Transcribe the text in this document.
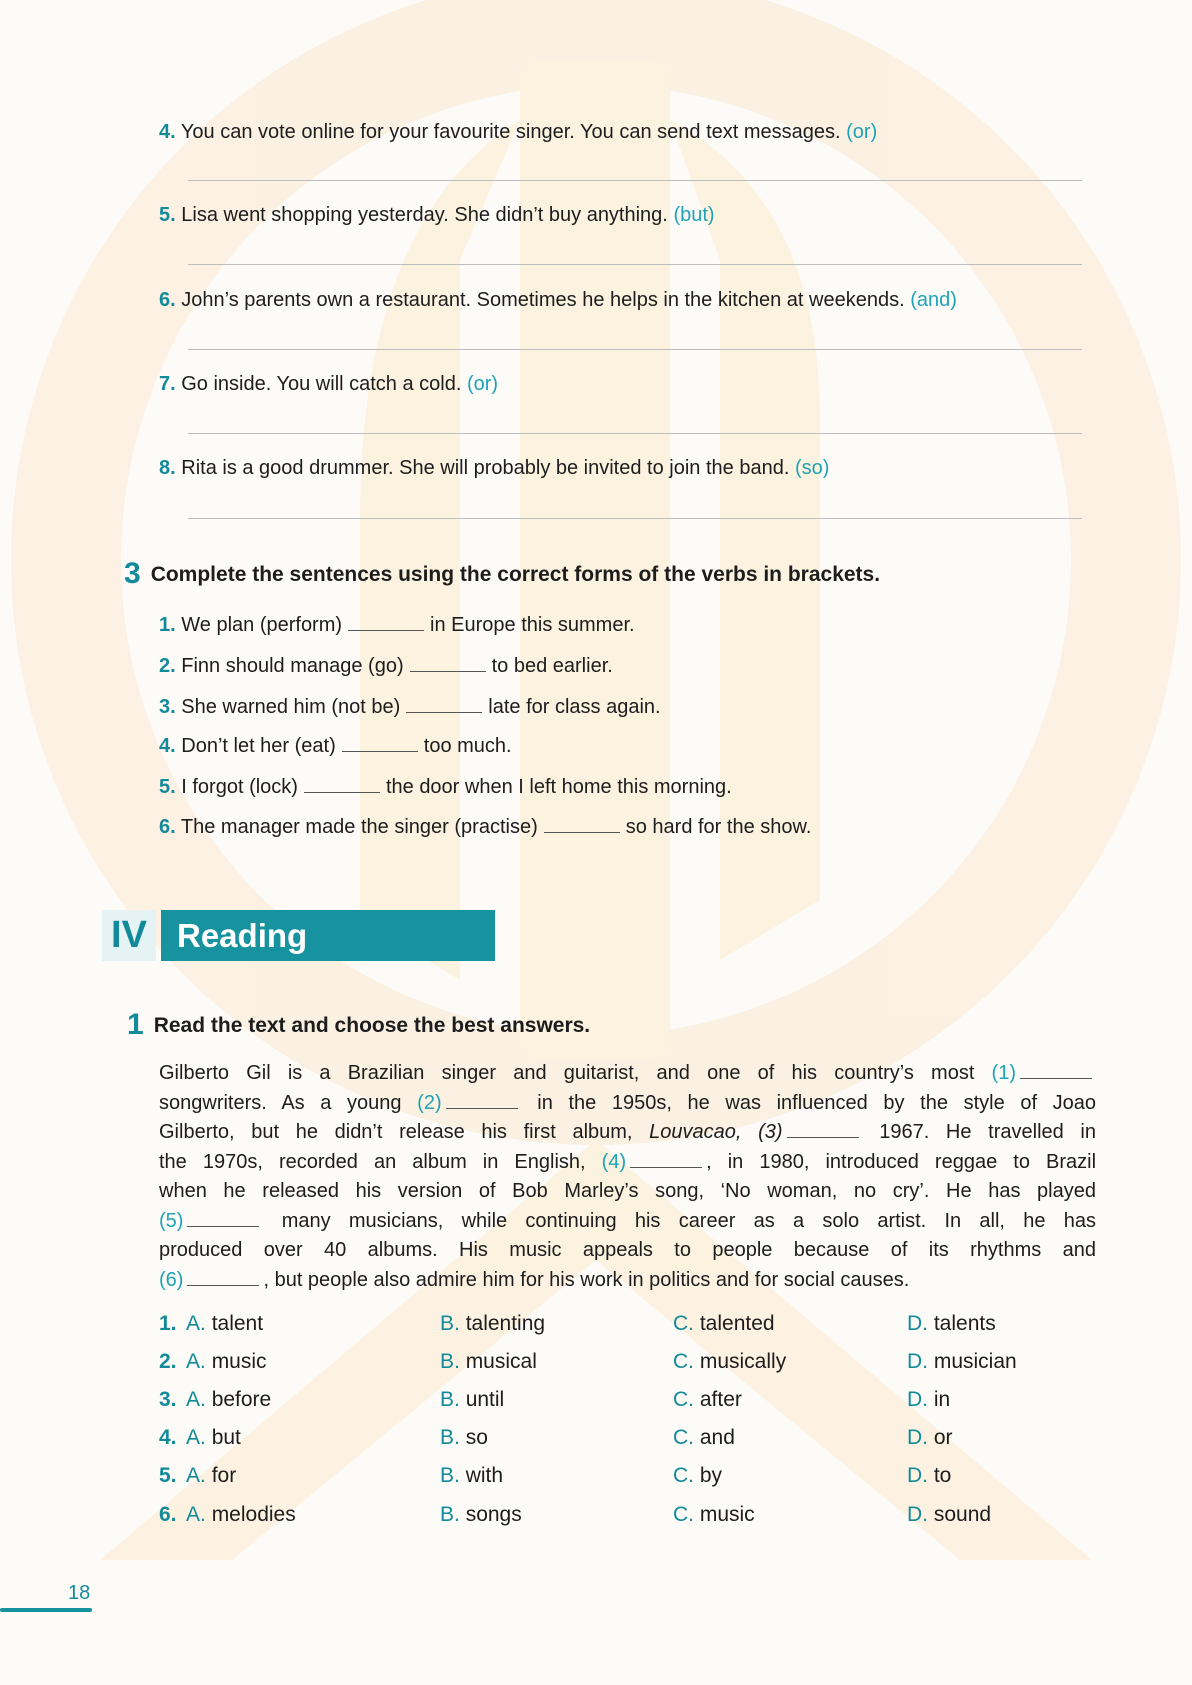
4. You can vote online for your favourite singer. You can send text messages. (or)
5. Lisa went shopping yesterday. She didn’t buy anything. (but)
6. John’s parents own a restaurant. Sometimes he helps in the kitchen at weekends. (and)
7. Go inside. You will catch a cold. (or)
8. Rita is a good drummer. She will probably be invited to join the band. (so)
3 Complete the sentences using the correct forms of the verbs in brackets.
1. We plan (perform)	in Europe this summer.
2. Finn should manage (go)	to bed earlier.
3. She warned him (not be)	late for class again.
4. Don’t let her (eat)	too much.
5. I forgot (lock)	the door when I left home this morning.
6. The manager made the singer (practise)	so hard for the show.
IV Reading
1 Read the text and choose the best answers.
Gilberto Gil is a Brazilian singer and guitarist, and one of his country’s most (1)
songwriters. As a young (2)	in the 1950s, he was influenced by the style of Joao
Gilberto, but he didn’t release his first album, Louvacao, (3)	1967. He travelled in
the 1970s, recorded an album in English, (4)	, in 1980, introduced reggae to Brazil
when he released his version of Bob Marley’s song, ‘No woman, no cry’. He has played
(5)	many musicians, while continuing his career as a solo artist. In all, he has
produced over 40 albums. His music appeals to people because of its rhythms and
(6)	, but people also admire him for his work in politics and for social causes.
1. A. talent	B. talenting	C. talented	D. talents
2. A. music	B. musical	C. musically	D. musician
3. A. before	B. until	C. after	D. in
4. A. but	B. so	C. and	D. or
5. A. for	B. with	C. by	D. to
6. A. melodies	B. songs	C. music	D. sound
18
